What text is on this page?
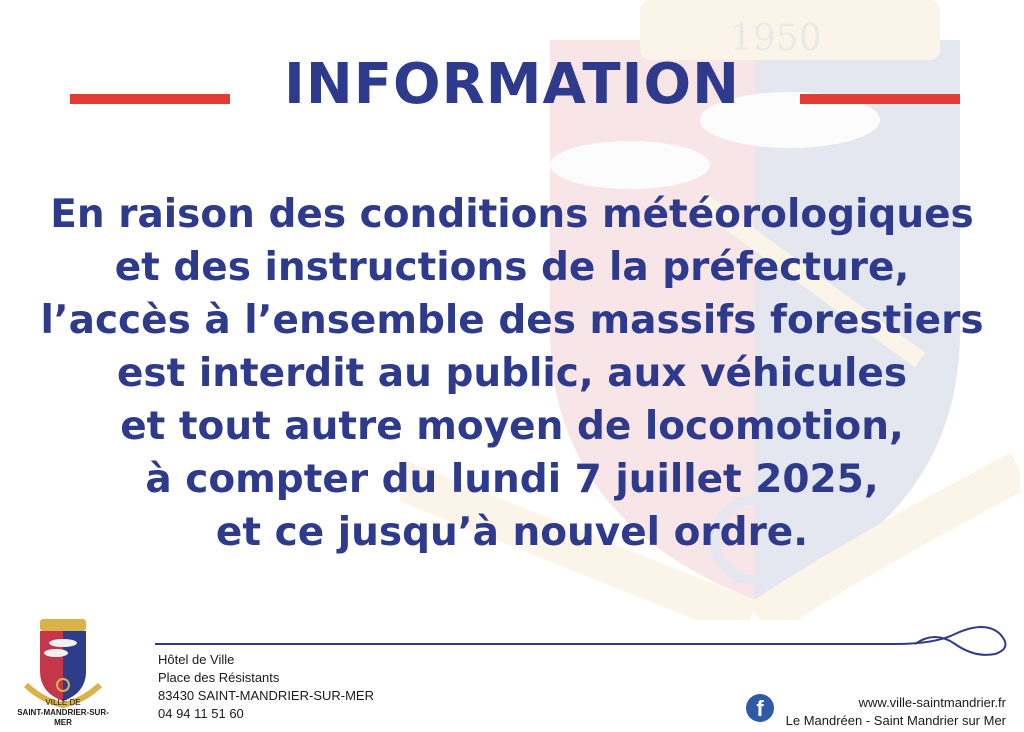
1950
INFORMATION
En raison des conditions météorologiques
et des instructions de la préfecture,
l’accès à l’ensemble des massifs forestiers
est interdit au public, aux véhicules
et tout autre moyen de locomotion,
à compter du lundi 7 juillet 2025,
et ce jusqu’à nouvel ordre.
VILLE DE
SAINT-MANDRIER-SUR-MER
Hôtel de Ville
Place des Résistants
83430 SAINT-MANDRIER-SUR-MER
04 94 11 51 60	f	www.ville-saintmandrier.fr
Le Mandréen - Saint Mandrier sur Mer
